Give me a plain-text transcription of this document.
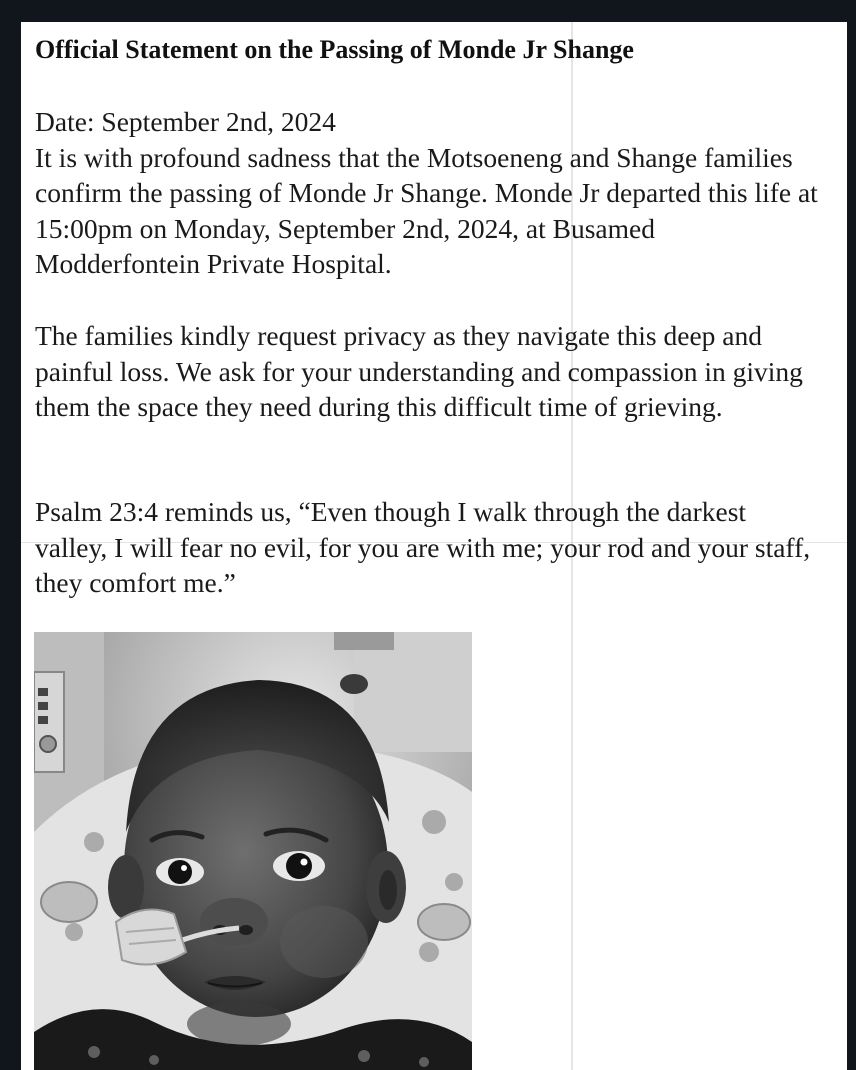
Official Statement on the Passing of Monde Jr Shange

Date: September 2nd, 2024

It is with profound sadness that the Motsoeneng and Shange families confirm the passing of Monde Jr Shange. Monde Jr departed this life at 15:00pm on Monday, September 2nd, 2024, at Busamed Modderfontein Private Hospital.

The families kindly request privacy as they navigate this deep and painful loss. We ask for your understanding and compassion in giving them the space they need during this difficult time of grieving.
Psalm 23:4 reminds us, “Even though I walk through the darkest valley, I will fear no evil, for you are with me; your rod and your staff, they comfort me.”
